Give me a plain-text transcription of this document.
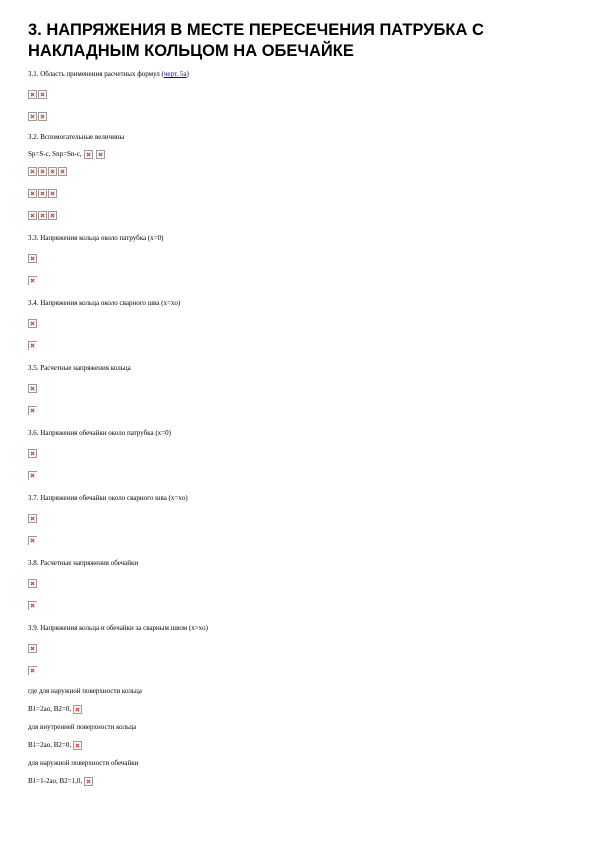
3. НАПРЯЖЕНИЯ В МЕСТЕ ПЕРЕСЕЧЕНИЯ ПАТРУБКА С
НАКЛАДНЫМ КОЛЬЦОМ НА ОБЕЧАЙКЕ

3.1. Область применения расчетных формул (черт. 5а)

3.2. Вспомогательные величины

Sp=S-c, Snp=Sn-c,

3.3. Напряжения кольца около патрубка (x=0)

3.4. Напряжения кольца около сварного шва (x=xo)

3.5. Расчетные напряжения кольца

3.6. Напряжения обечайки около патрубка (x=0)

3.7. Напряжения обечайки около сварного шва (x=xo)

3.8. Расчетные напряжения обечайки

3.9. Напряжения кольца и обечайки за сварным швом (x>xo)

где для наружной поверхности кольца

B1=2ao, B2=0,

для внутренней поверхности кольца

B1=2ao, B2=0,

для наружной поверхности обечайки

B1=1-2ao, B2=1,0,
